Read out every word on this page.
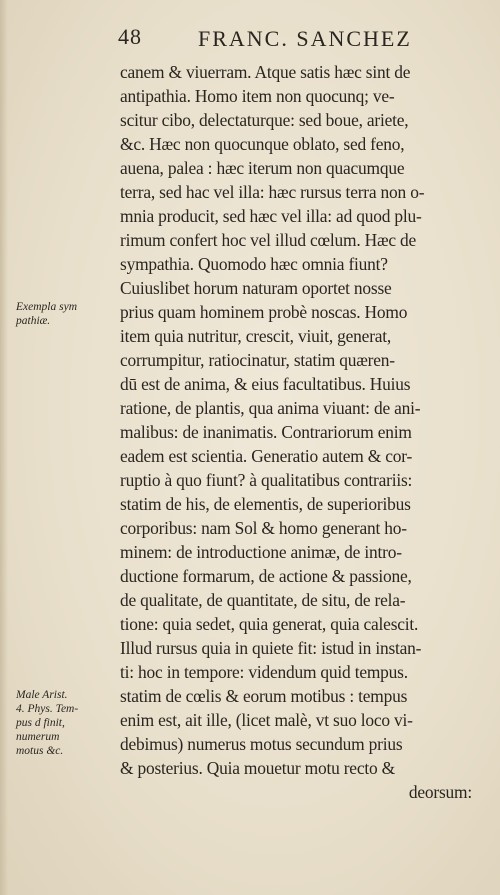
48	FRANC. SANCHEZ
Exempla sym
pathiæ.
Male Arist.
4. Phys. Tem-
pus d finit,
numerum
motus &c.
canem & viuerram. Atque satis hæc sint de
antipathia. Homo item non quocunq; ve-
scitur cibo, delectaturque: sed boue, ariete,
&c. Hæc non quocunque oblato, sed feno,
auena, palea : hæc iterum non quacumque
terra, sed hac vel illa: hæc rursus terra non o-
mnia producit, sed hæc vel illa: ad quod plu-
rimum confert hoc vel illud cœlum. Hæc de
sympathia. Quomodo hæc omnia fiunt?
Cuiuslibet horum naturam oportet nosse
prius quam hominem probè noscas. Homo
item quia nutritur, crescit, viuit, generat,
corrumpitur, ratiocinatur, statim quæren-
dū est de anima, & eius facultatibus. Huius
ratione, de plantis, qua anima viuant: de ani-
malibus: de inanimatis. Contrariorum enim
eadem est scientia. Generatio autem & cor-
ruptio à quo fiunt? à qualitatibus contrariis:
statim de his, de elementis, de superioribus
corporibus: nam Sol & homo generant ho-
minem: de introductione animæ, de intro-
ductione formarum, de actione & passione,
de qualitate, de quantitate, de situ, de rela-
tione: quia sedet, quia generat, quia calescit.
Illud rursus quia in quiete fit: istud in instan-
ti: hoc in tempore: videndum quid tempus.
statim de cœlis & eorum motibus : tempus
enim est, ait ille, (licet malè, vt suo loco vi-
debimus) numerus motus secundum prius
& posterius. Quia mouetur motu recto &
deorsum:
